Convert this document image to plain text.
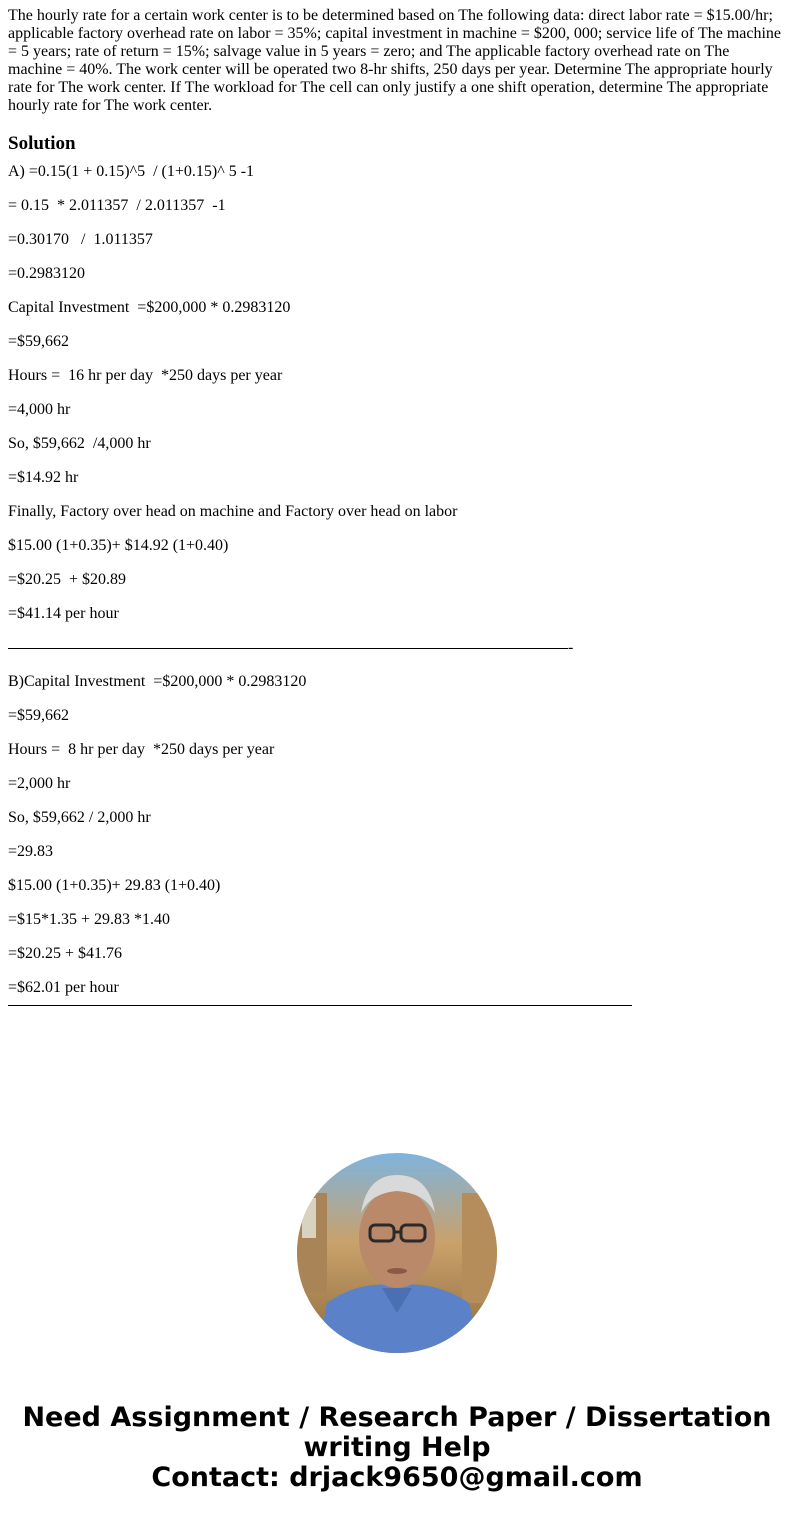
The hourly rate for a certain work center is to be determined based on The following data: direct labor rate = $15.00/hr; applicable factory overhead rate on labor = 35%; capital investment in machine = $200, 000; service life of The machine = 5 years; rate of return = 15%; salvage value in 5 years = zero; and The applicable factory overhead rate on The machine = 40%. The work center will be operated two 8-hr shifts, 250 days per year. Determine The appropriate hourly rate for The work center. If The workload for The cell can only justify a one shift operation, determine The appropriate hourly rate for The work center.

Solution

A) =0.15(1 + 0.15)^5  / (1+0.15)^ 5 -1

= 0.15  * 2.011357  / 2.011357  -1

=0.30170   /  1.011357

=0.2983120

Capital Investment  =$200,000 * 0.2983120

=$59,662

Hours =  16 hr per day  *250 days per year

=4,000 hr

So, $59,662  /4,000 hr

=$14.92 hr

Finally, Factory over head on machine and Factory over head on labor

$15.00 (1+0.35)+ $14.92 (1+0.40)

=$20.25  + $20.89

=$41.14 per hour

-

B)Capital Investment  =$200,000 * 0.2983120

=$59,662

Hours =  8 hr per day  *250 days per year

=2,000 hr

So, $59,662 / 2,000 hr

=29.83

$15.00 (1+0.35)+ 29.83 (1+0.40)

=$15*1.35 + 29.83 *1.40

=$20.25 + $41.76

=$62.01 per hour

Need Assignment / Research Paper / Dissertation
writing Help
Contact: drjack9650@gmail.com
